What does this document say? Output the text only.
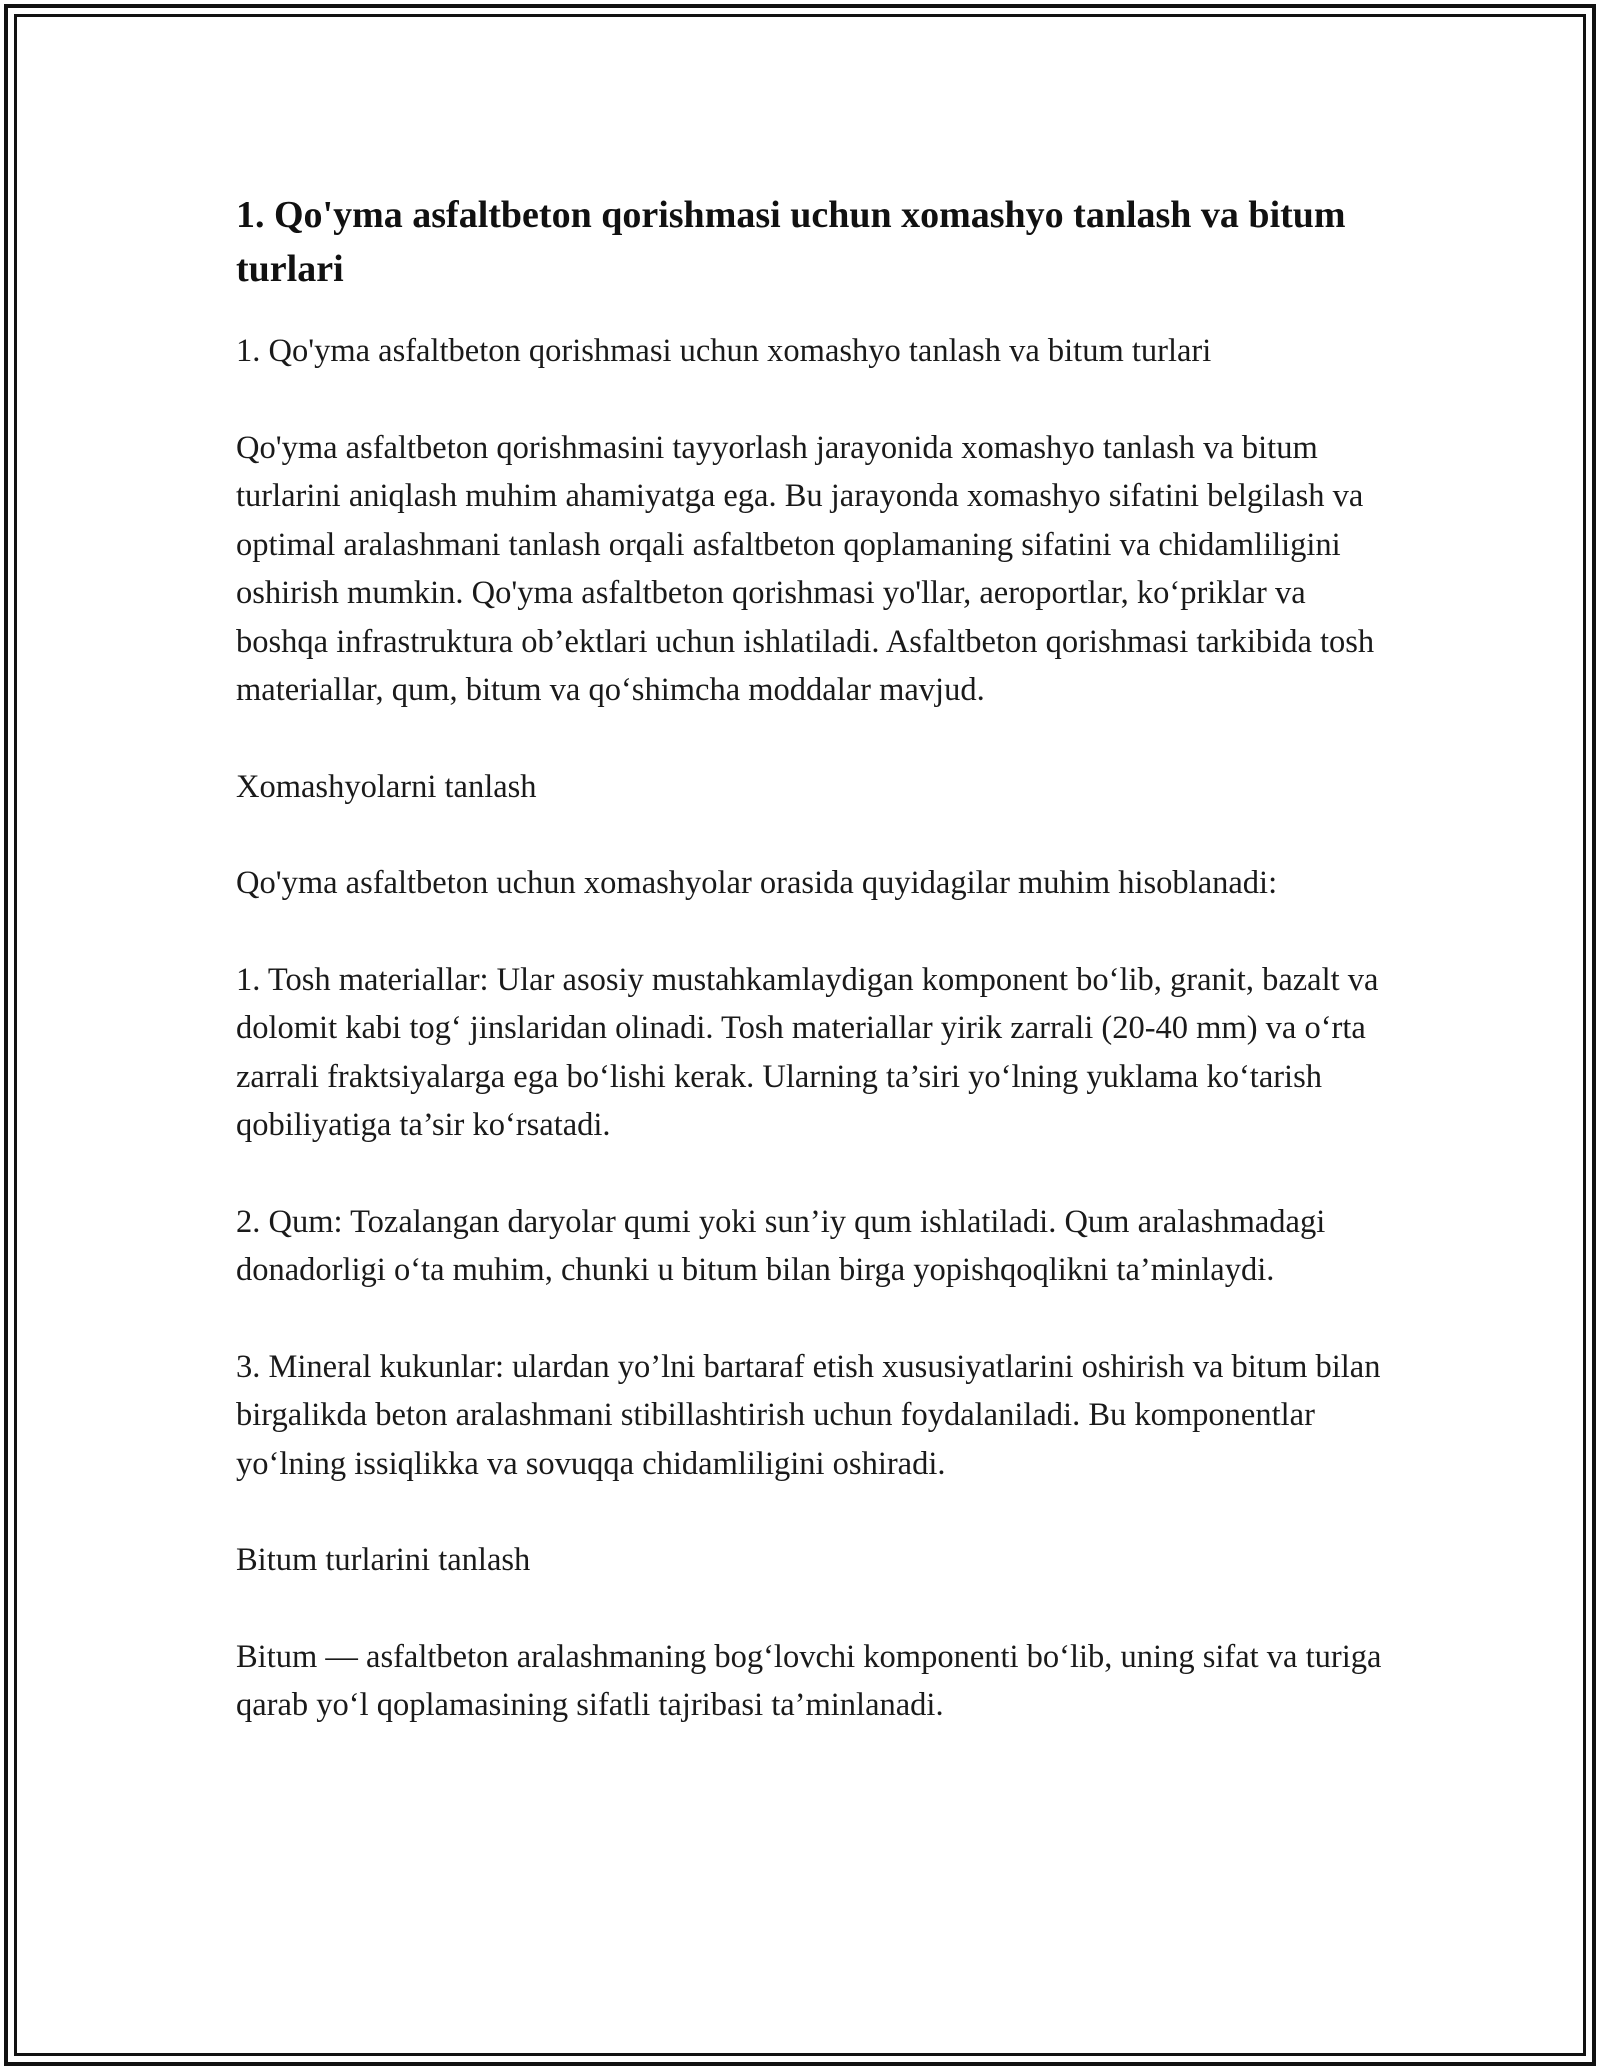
1. Qo'yma asfaltbeton qorishmasi uchun xomashyo tanlash va bitum turlari

1. Qo'yma asfaltbeton qorishmasi uchun xomashyo tanlash va bitum turlari

Qo'yma asfaltbeton qorishmasini tayyorlash jarayonida xomashyo tanlash va bitum turlarini aniqlash muhim ahamiyatga ega. Bu jarayonda xomashyo sifatini belgilash va optimal aralashmani tanlash orqali asfaltbeton qoplamaning sifatini va chidamliligini oshirish mumkin. Qo'yma asfaltbeton qorishmasi yo'llar, aeroportlar, ko‘priklar va boshqa infrastruktura ob’ektlari uchun ishlatiladi. Asfaltbeton qorishmasi tarkibida tosh materiallar, qum, bitum va qo‘shimcha moddalar mavjud.

Xomashyolarni tanlash

Qo'yma asfaltbeton uchun xomashyolar orasida quyidagilar muhim hisoblanadi:

1. Tosh materiallar: Ular asosiy mustahkamlaydigan komponent bo‘lib, granit, bazalt va dolomit kabi tog‘ jinslaridan olinadi. Tosh materiallar yirik zarrali (20-40 mm) va o‘rta zarrali fraktsiyalarga ega bo‘lishi kerak. Ularning ta’siri yo‘lning yuklama ko‘tarish qobiliyatiga ta’sir ko‘rsatadi.

2. Qum: Tozalangan daryolar qumi yoki sun’iy qum ishlatiladi. Qum aralashmadagi donadorligi o‘ta muhim, chunki u bitum bilan birga yopishqoqlikni ta’minlaydi.

3. Mineral kukunlar: ulardan yo’lni bartaraf etish xususiyatlarini oshirish va bitum bilan birgalikda beton aralashmani stibillashtirish uchun foydalaniladi. Bu komponentlar yo‘lning issiqlikka va sovuqqa chidamliligini oshiradi.

Bitum turlarini tanlash

Bitum — asfaltbeton aralashmaning bog‘lovchi komponenti bo‘lib, uning sifat va turiga qarab yo‘l qoplamasining sifatli tajribasi ta’minlanadi.
